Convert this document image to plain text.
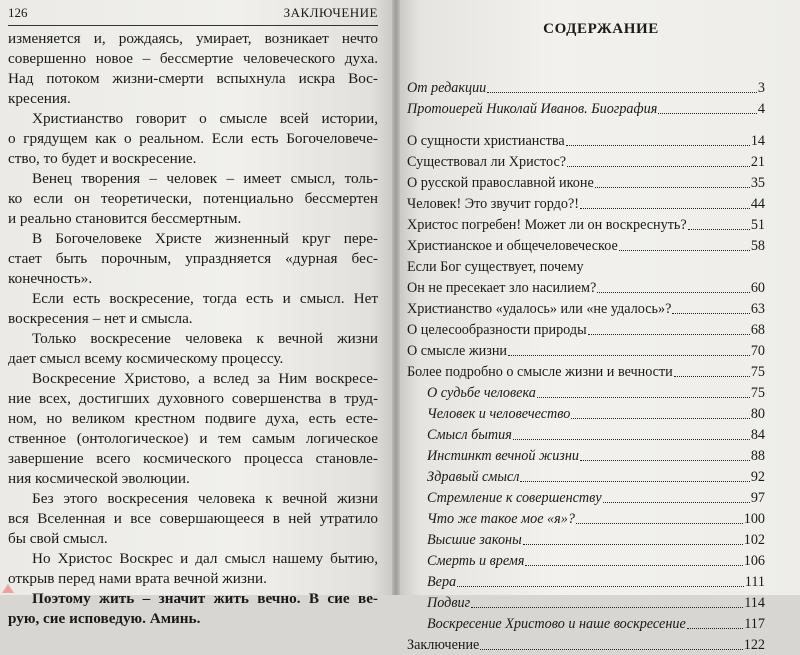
126	ЗАКЛЮЧЕНИЕ
изменяется и, рождаясь, умирает, возникает нечто
совершенно новое – бессмертие человеческого духа.
Над потоком жизни-смерти вспыхнула искра Вос-
кресения.
Христианство говорит о смысле всей истории,
о грядущем как о реальном. Если есть Богочеловече-
ство, то будет и воскресение.
Венец творения – человек – имеет смысл, толь-
ко если он теоретически, потенциально бессмертен
и реально становится бессмертным.
В Богочеловеке Христе жизненный круг пере-
стает быть порочным, упраздняется «дурная бес-
конечность».
Если есть воскресение, тогда есть и смысл. Нет
воскресения – нет и смысла.
Только воскресение человека к вечной жизни
дает смысл всему космическому процессу.
Воскресение Христово, а вслед за Ним воскресе-
ние всех, достигших духовного совершенства в труд-
ном, но великом крестном подвиге духа, есть есте-
ственное (онтологическое) и тем самым логическое
завершение всего космического процесса становле-
ния космической эволюции.
Без этого воскресения человека к вечной жизни
вся Вселенная и все совершающееся в ней утратило
бы свой смысл.
Но Христос Воскрес и дал смысл нашему бытию,
открыв перед нами врата вечной жизни.
Поэтому жить – значит жить вечно. В сие ве-
рую, сие исповедую. Аминь.
СОДЕРЖАНИЕ
От редакции	3
Протоиерей Николай Иванов. Биография	4
О сущности христианства	14
Существовал ли Христос?	21
О русской православной иконе	35
Человек! Это звучит гордо?!	44
Христос погребен! Может ли он воскреснуть?	51
Христианское и общечеловеческое	58
Если Бог существует, почему
Он не пресекает зло насилием?	60
Христианство «удалось» или «не удалось»?	63
О целесообразности природы	68
О смысле жизни	70
Более подробно о смысле жизни и вечности	75
О судьбе человека	75
Человек и человечество	80
Смысл бытия	84
Инстинкт вечной жизни	88
Здравый смысл	92
Стремление к совершенству	97
Что же такое мое «я»?	100
Высшие законы	102
Смерть и время	106
Вера	111
Подвиг	114
Воскресение Христово и наше воскресение	117
Заключение	122
